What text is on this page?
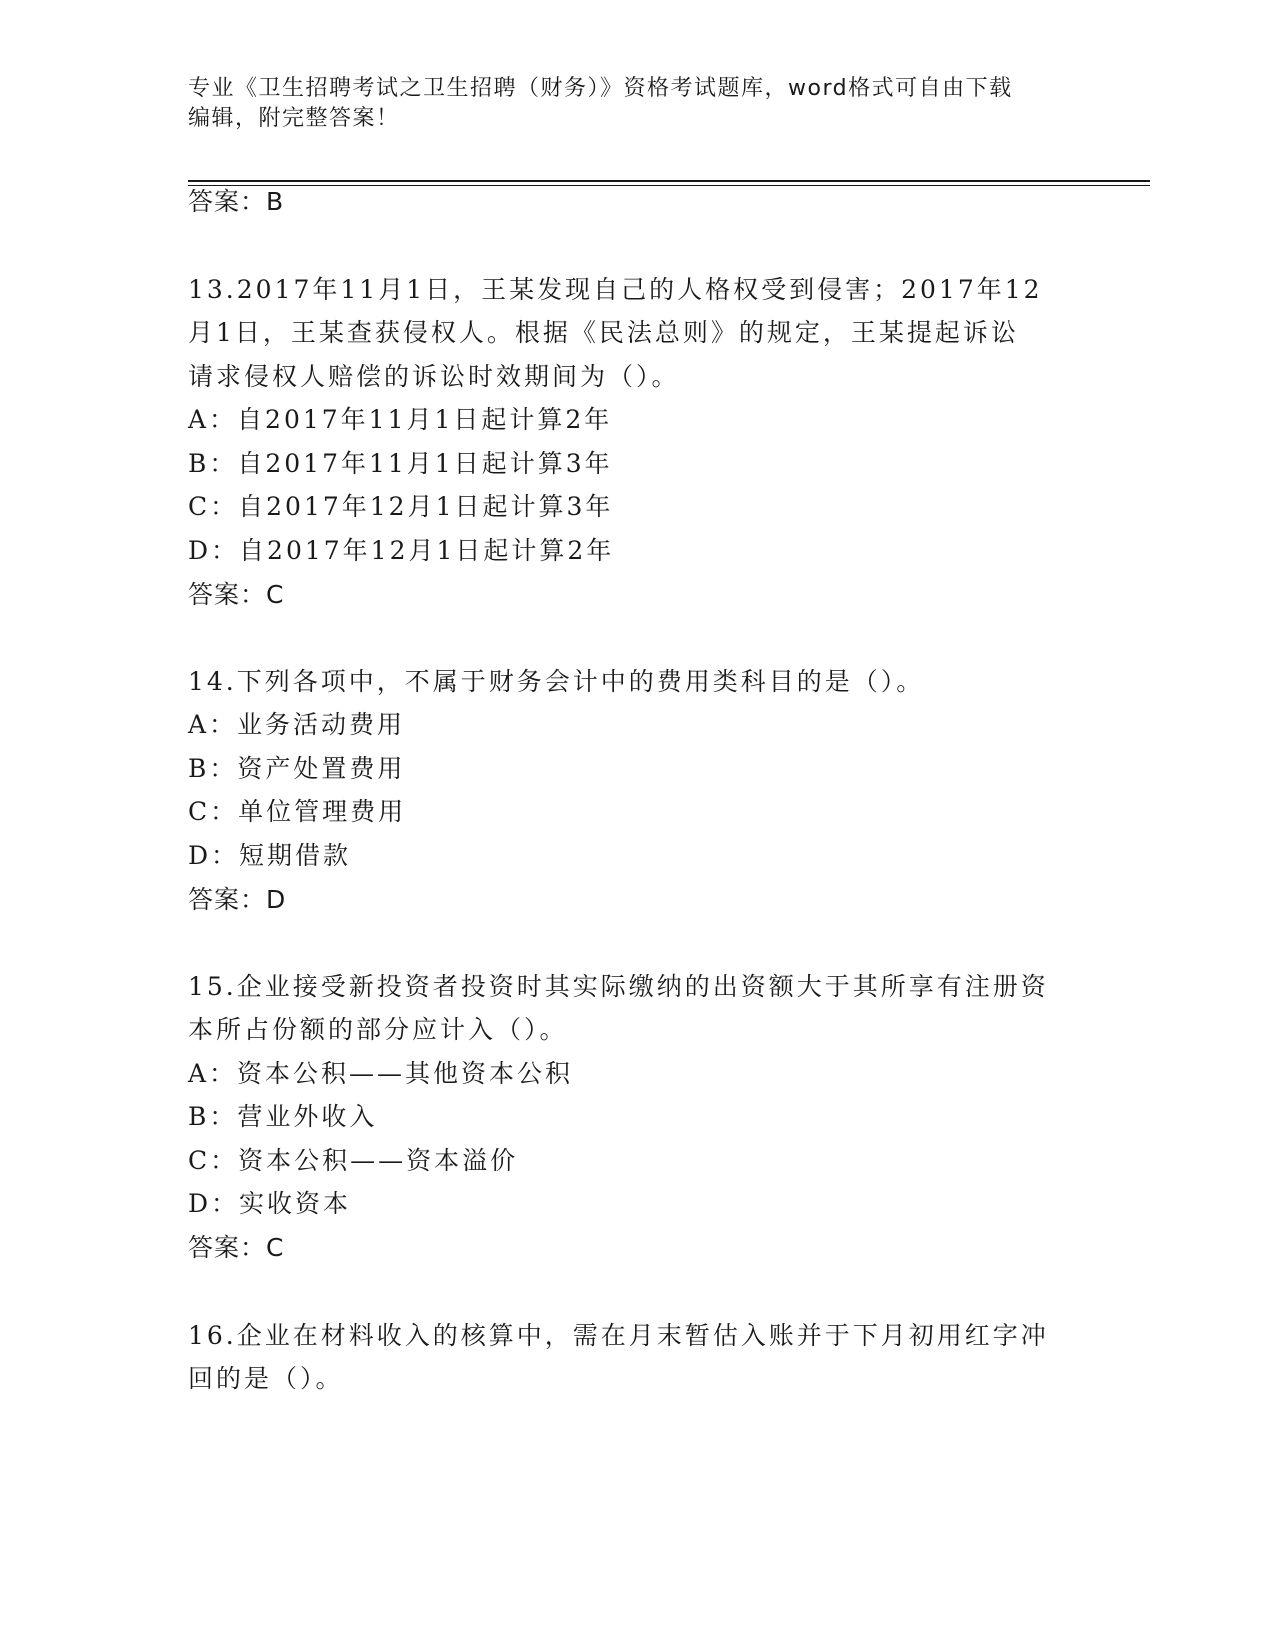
专业《卫生招聘考试之卫生招聘（财务）》资格考试题库，word格式可自由下载
编辑，附完整答案！
答案：B
13.2017年11月1日，王某发现自己的人格权受到侵害；2017年12
月1日，王某查获侵权人。根据《民法总则》的规定，王某提起诉讼
请求侵权人赔偿的诉讼时效期间为（）。
A：自2017年11月1日起计算2年
B：自2017年11月1日起计算3年
C：自2017年12月1日起计算3年
D：自2017年12月1日起计算2年
答案：C
14.下列各项中，不属于财务会计中的费用类科目的是（）。
A：业务活动费用
B：资产处置费用
C：单位管理费用
D：短期借款
答案：D
15.企业接受新投资者投资时其实际缴纳的出资额大于其所享有注册资
本所占份额的部分应计入（）。
A：资本公积——其他资本公积
B：营业外收入
C：资本公积——资本溢价
D：实收资本
答案：C
16.企业在材料收入的核算中，需在月末暂估入账并于下月初用红字冲
回的是（）。
